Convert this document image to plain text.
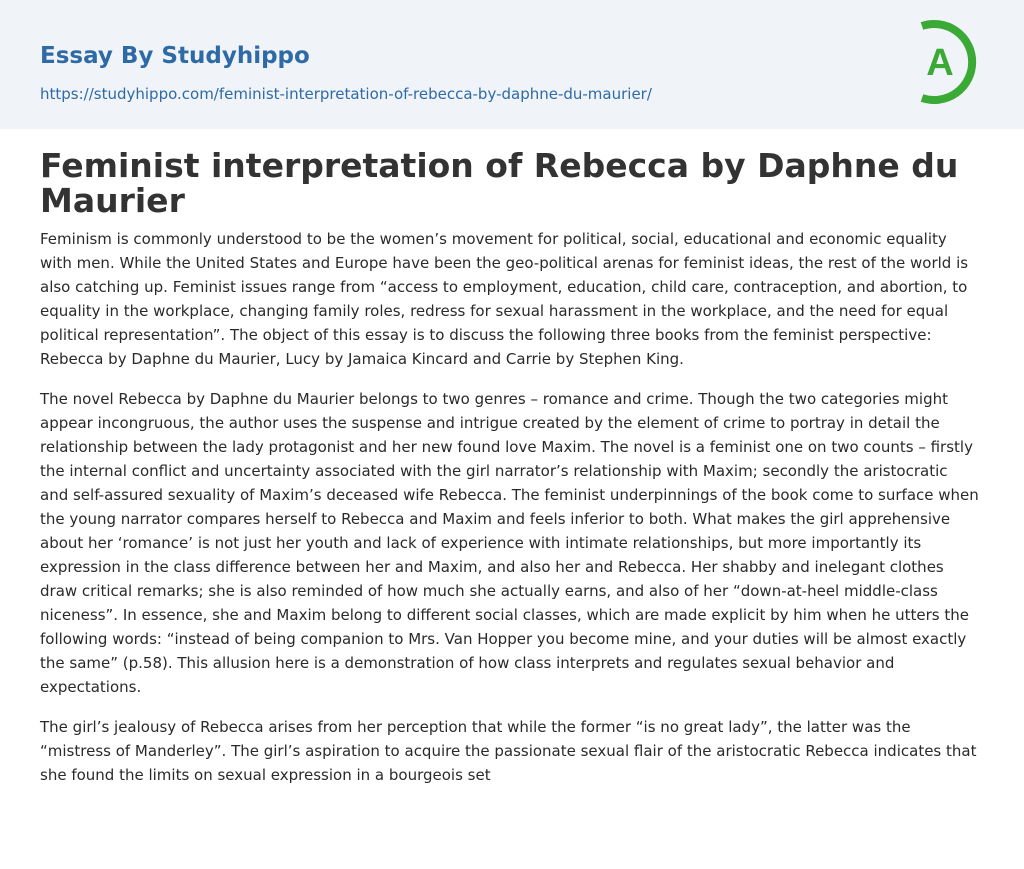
Essay By Studyhippo
https://studyhippo.com/feminist-interpretation-of-rebecca-by-daphne-du-maurier/
A
Feminist interpretation of Rebecca by Daphne du Maurier

Feminism is commonly understood to be the women’s movement for political, social, educational and economic equality with men. While the United States and Europe have been the geo-political arenas for feminist ideas, the rest of the world is also catching up. Feminist issues range from “access to employment, education, child care, contraception, and abortion, to equality in the workplace, changing family roles, redress for sexual harassment in the workplace, and the need for equal political representation”. The object of this essay is to discuss the following three books from the feminist perspective: Rebecca by Daphne du Maurier, Lucy by Jamaica Kincard and Carrie by Stephen King.

The novel Rebecca by Daphne du Maurier belongs to two genres – romance and crime. Though the two categories might appear incongruous, the author uses the suspense and intrigue created by the element of crime to portray in detail the relationship between the lady protagonist and her new found love Maxim. The novel is a feminist one on two counts – firstly the internal conflict and uncertainty associated with the girl narrator’s relationship with Maxim; secondly the aristocratic and self-assured sexuality of Maxim’s deceased wife Rebecca. The feminist underpinnings of the book come to surface when the young narrator compares herself to Rebecca and Maxim and feels inferior to both. What makes the girl apprehensive about her ‘romance’ is not just her youth and lack of experience with intimate relationships, but more importantly its expression in the class difference between her and Maxim, and also her and Rebecca. Her shabby and inelegant clothes draw critical remarks; she is also reminded of how much she actually earns, and also of her “down-at-heel middle-class niceness”. In essence, she and Maxim belong to different social classes, which are made explicit by him when he utters the following words: “instead of being companion to Mrs. Van Hopper you become mine, and your duties will be almost exactly the same” (p.58). This allusion here is a demonstration of how class interprets and regulates sexual behavior and expectations.

The girl’s jealousy of Rebecca arises from her perception that while the former “is no great lady”, the latter was the “mistress of Manderley”. The girl’s aspiration to acquire the passionate sexual flair of the aristocratic Rebecca indicates that she found the limits on sexual expression in a bourgeois set
